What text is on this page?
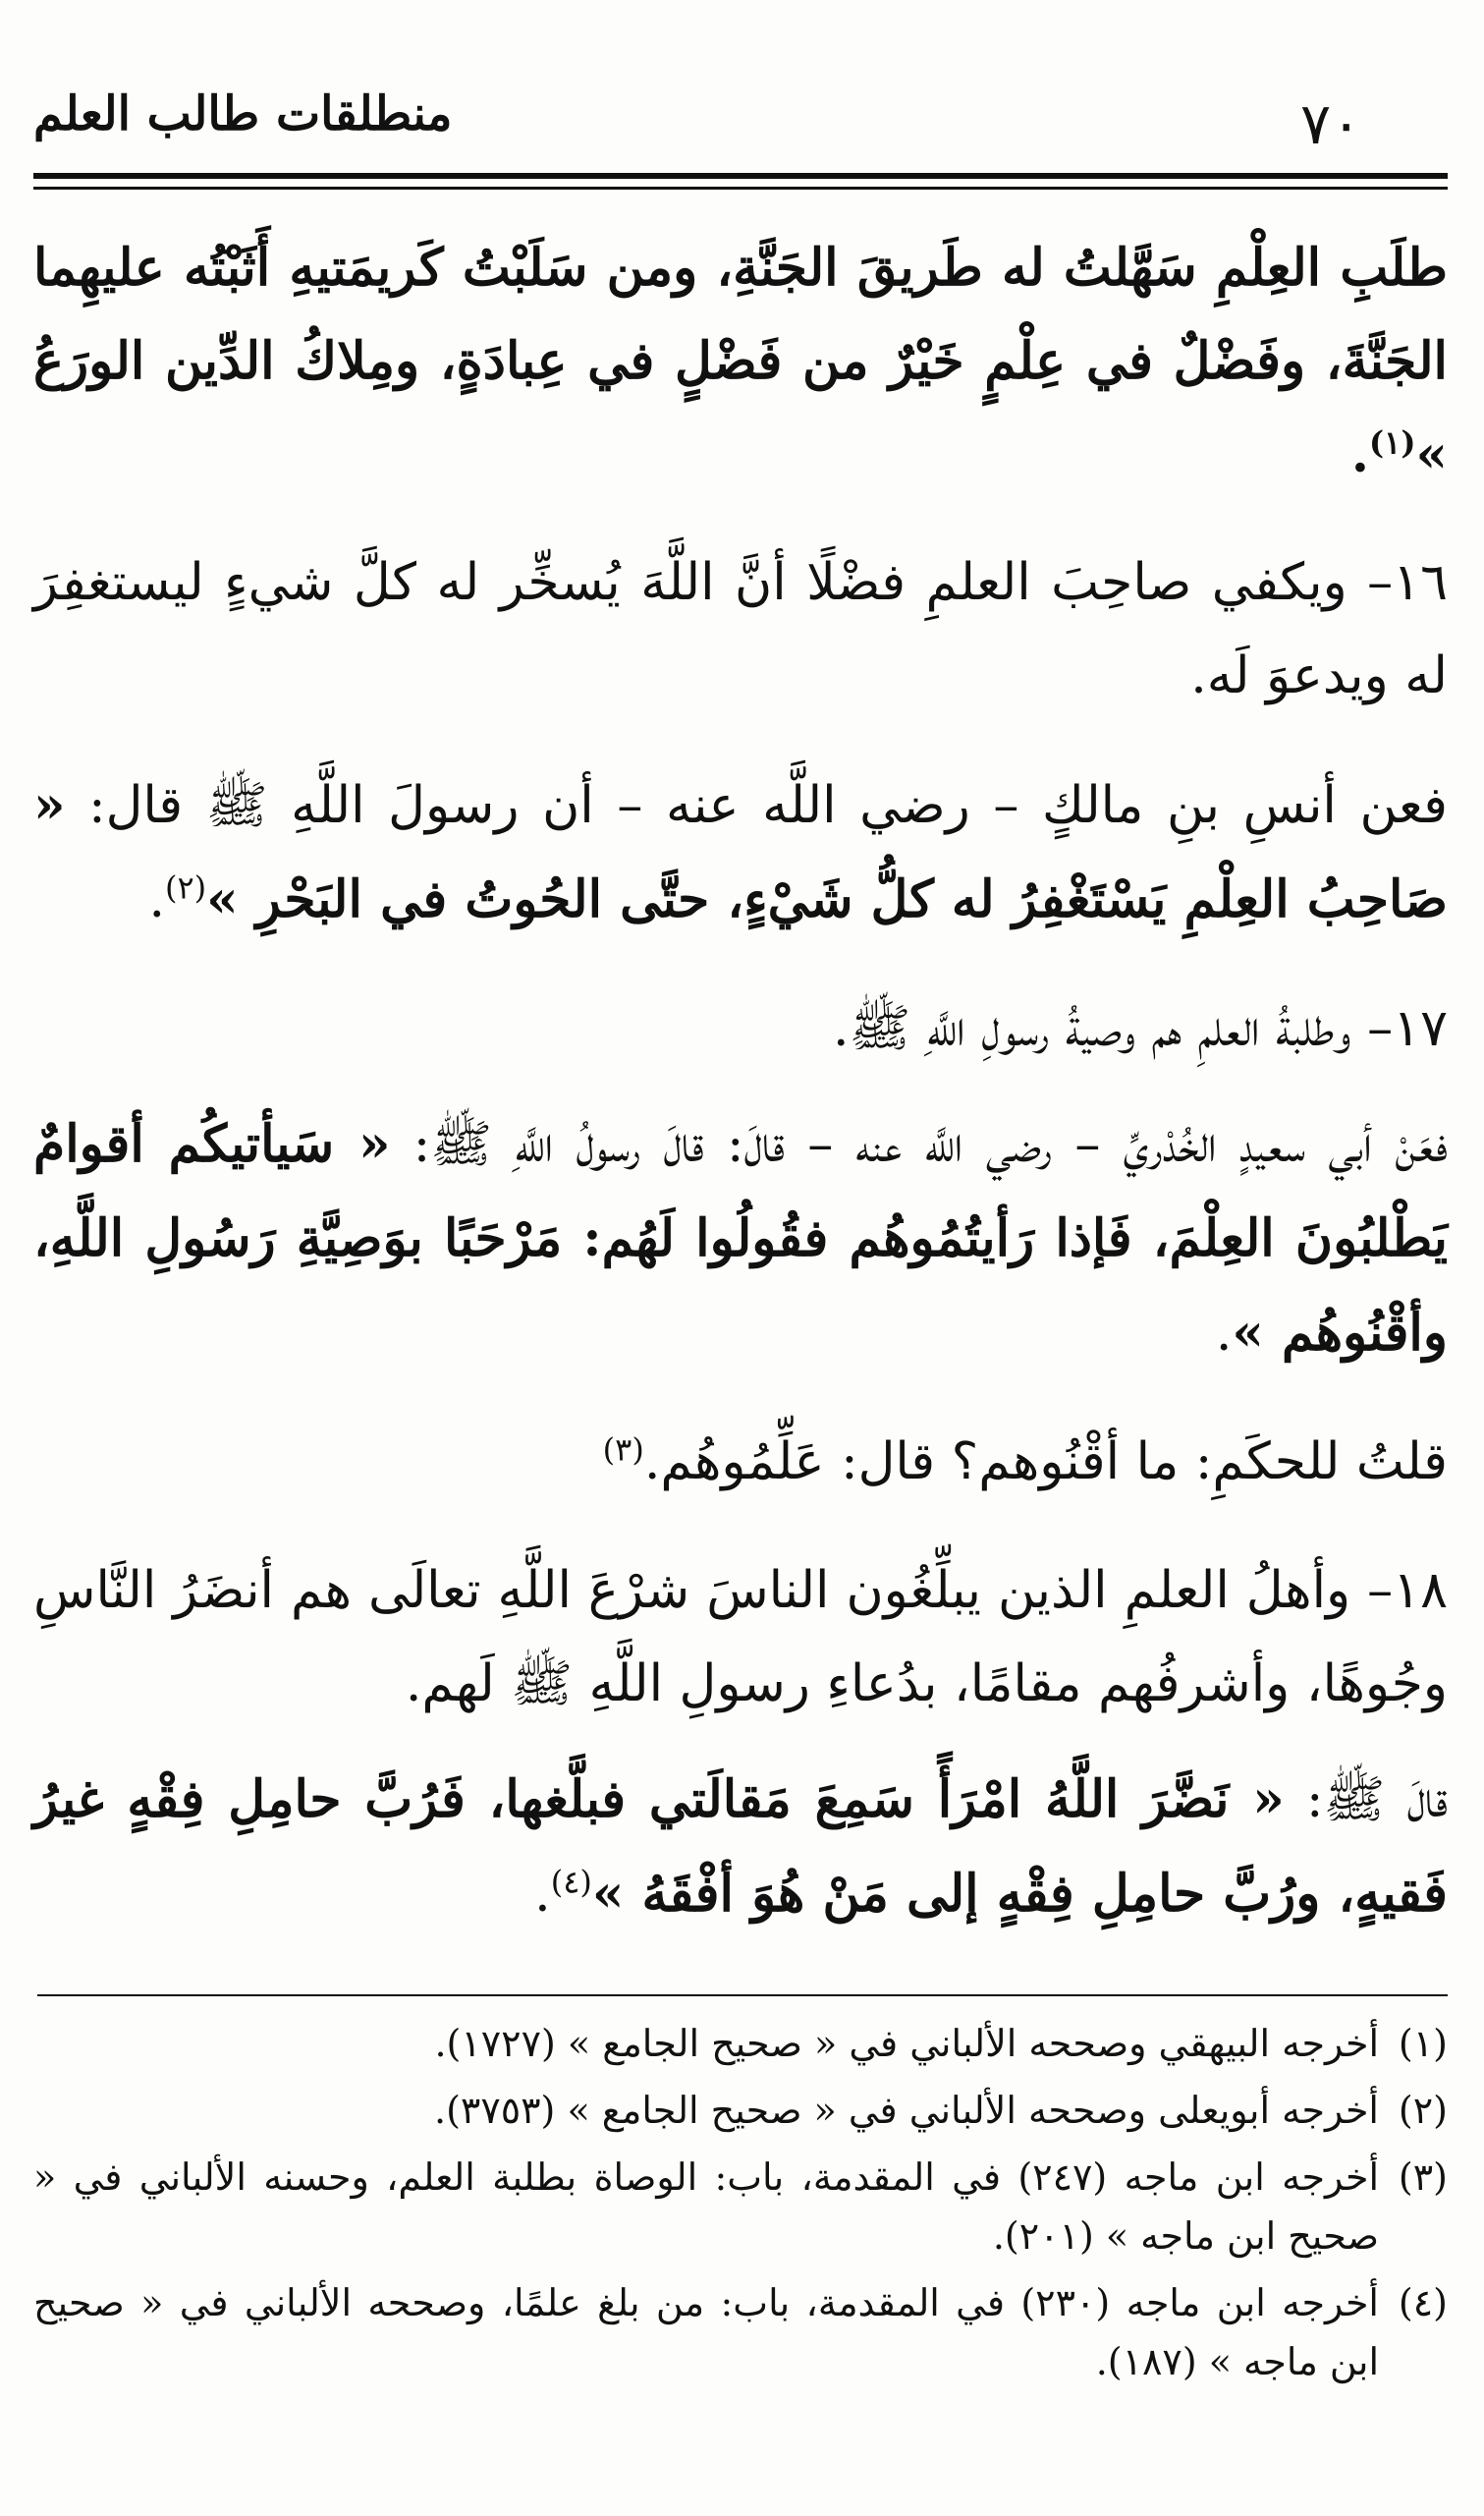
٧٠
منطلقات طالب العلم

طلَبِ العِلْمِ سَهَّلتُ له طَريقَ الجَنَّةِ، ومن سَلَبْتُ كَريمَتيهِ أَثَبْتُه عليهِما الجَنَّةَ، وفَضْلٌ في عِلْمٍ خَيْرٌ من فَضْلٍ في عِبادَةٍ، ومِلاكُ الدِّين الورَعُ »$^{(١)}$.

١٦– ويكفي صاحِبَ العلمِ فضْلًا أنَّ اللَّهَ يُسخِّر له كلَّ شيءٍ ليستغفِرَ له ويدعوَ لَه.

فعن أنسِ بنِ مالكٍ – رضي اللَّه عنه – أن رسولَ اللَّهِ ﷺ قال: « صَاحِبُ العِلْمِ يَسْتَغْفِرُ له كلُّ شَيْءٍ، حتَّى الحُوتُ في البَحْرِ »$^{(٢)}$.

١٧– وطلبةُ العلمِ هم وصيةُ رسولِ اللَّهِ ﷺ.

فعَنْ أبي سعيدٍ الخُدْريِّ – رضي اللَّه عنه – قالَ: قالَ رسولُ اللَّهِ ﷺ: « سَيأتيكُم أقوامٌ يَطْلبُونَ العِلْمَ، فَإذا رَأيتُمُوهُم فقُولُوا لَهُم: مَرْحَبًا بوَصِيَّةِ رَسُولِ اللَّهِ، وأقْنُوهُم ».

قلتُ للحكَمِ: ما أقْنُوهم؟ قال: عَلِّمُوهُم.$^{(٣)}$

١٨– وأهلُ العلمِ الذين يبلِّغُون الناسَ شرْعَ اللَّهِ تعالَى هم أنضَرُ النَّاسِ وجُوهًا، وأشرفُهم مقامًا، بدُعاءِ رسولِ اللَّهِ ﷺ لَهم.

قالَ ﷺ: « نَضَّرَ اللَّهُ امْرَأً سَمِعَ مَقالَتي فبلَّغها، فَرُبَّ حامِلِ فِقْهٍ غيرُ فَقيهٍ، ورُبَّ حامِلِ فِقْهٍ إلى مَنْ هُوَ أفْقَهُ »$^{(٤)}$.

(١)
أخرجه البيهقي وصححه الألباني في « صحيح الجامع » (١٧٢٧).
(٢)
أخرجه أبويعلى وصححه الألباني في « صحيح الجامع » (٣٧٥٣).
(٣)
أخرجه ابن ماجه (٢٤٧) في المقدمة، باب: الوصاة بطلبة العلم، وحسنه الألباني في « صحيح ابن ماجه » (٢٠١).
(٤)
أخرجه ابن ماجه (٢٣٠) في المقدمة، باب: من بلغ علمًا، وصححه الألباني في « صحيح ابن ماجه » (١٨٧).
